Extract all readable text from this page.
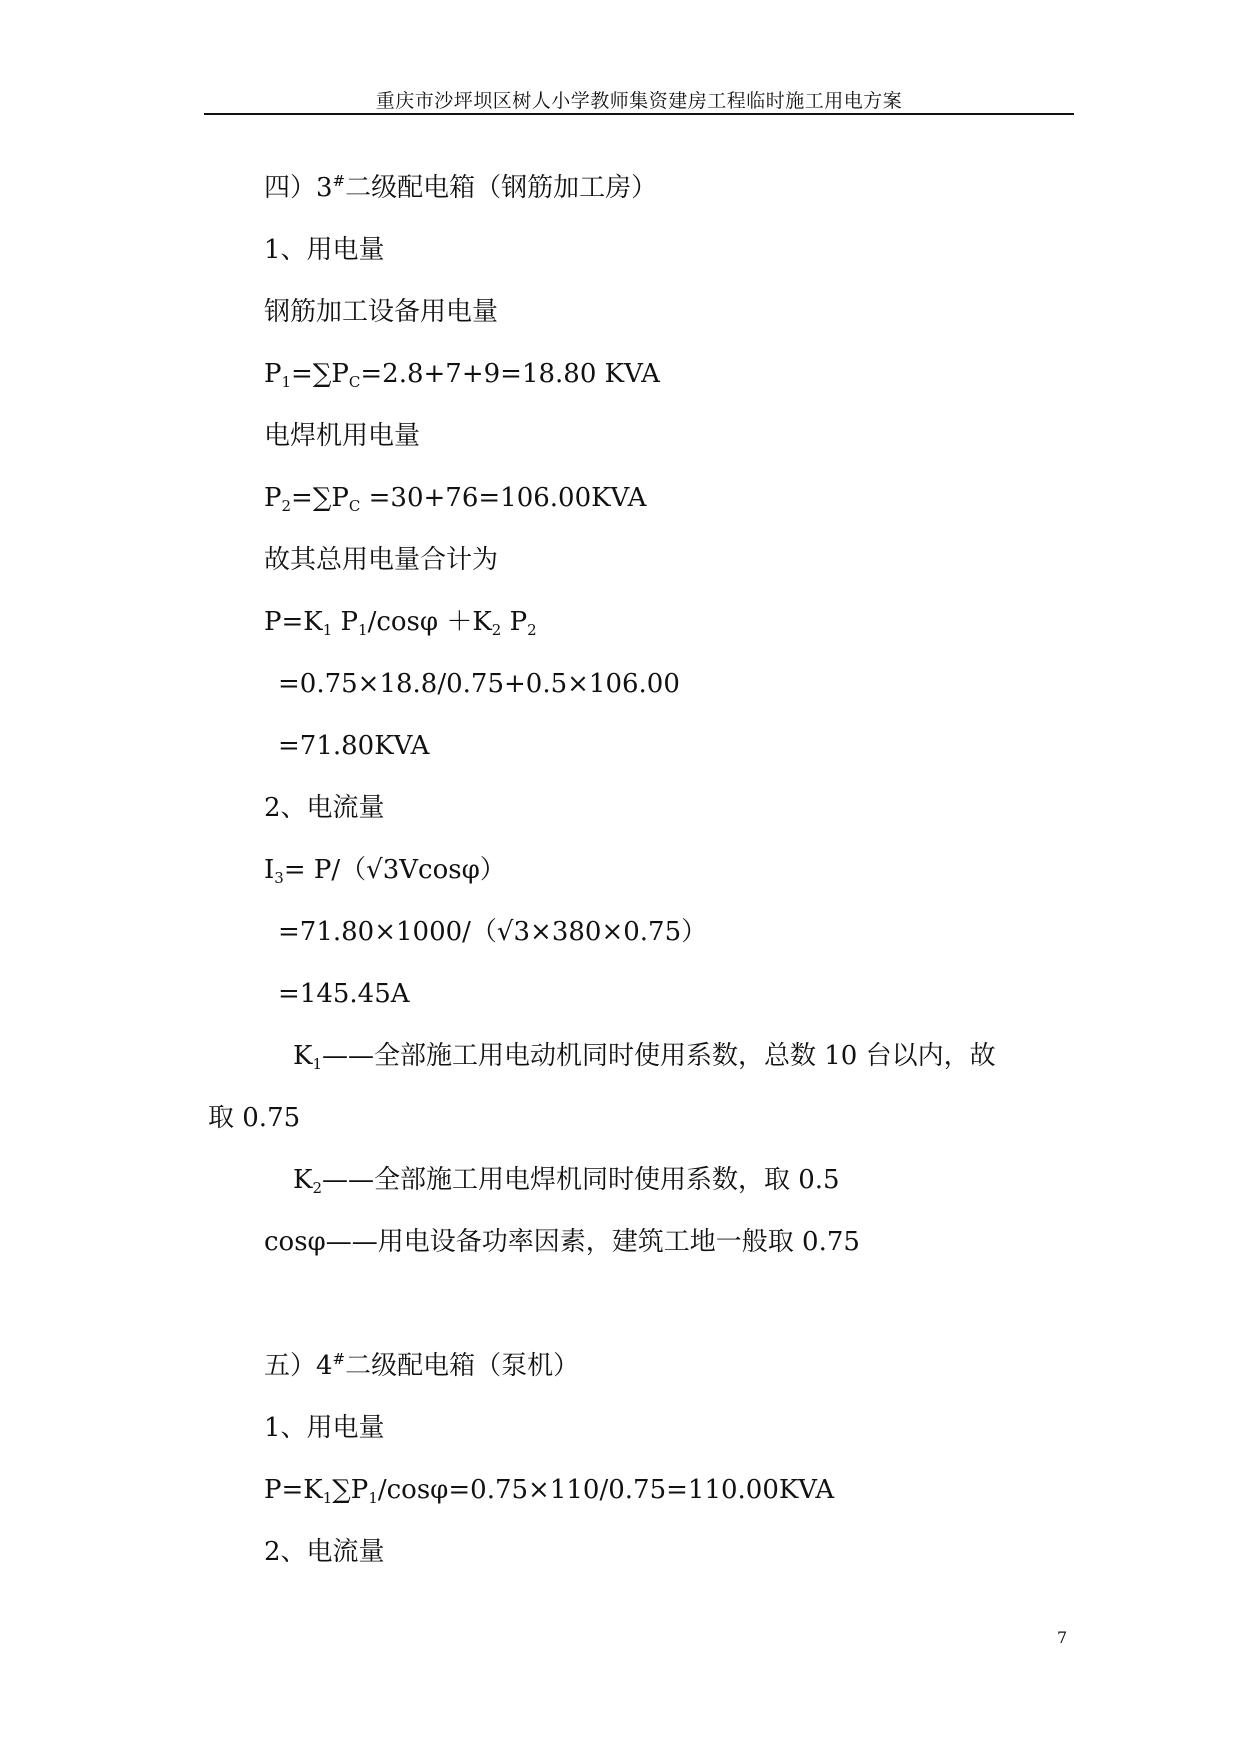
重庆市沙坪坝区树人小学教师集资建房工程临时施工用电方案
四）3#二级配电箱（钢筋加工房）
1、用电量
钢筋加工设备用电量
$P_1=\sum P_C=2.8+7+9=18.80$ KVA
电焊机用电量
$P_2=\sum P_C =30+76=106.00KVA$
故其总用电量合计为
$P=K_1$ $P_1$/cosφ $+K_2$ $P_2$
=0.75×18.8/0.75+0.5×106.00
=71.80KVA
2、电流量
$I_3= P/(√3Vcos\varphi)$
=71.80×1000/（√3×380×0.75）
=145.45A
$K_1——$全部施工用电动机同时使用系数，总数 10 台以内，故
取 0.75
$K_2——$全部施工用电焊机同时使用系数，取 0.5
cosφ——用电设备功率因素，建筑工地一般取 0.75
五）4#二级配电箱（泵机）
1、用电量
$P=K_1\sum P_1/\cos\varphi=0.75\times 110/0.75=110.00KVA$
2、电流量
7
